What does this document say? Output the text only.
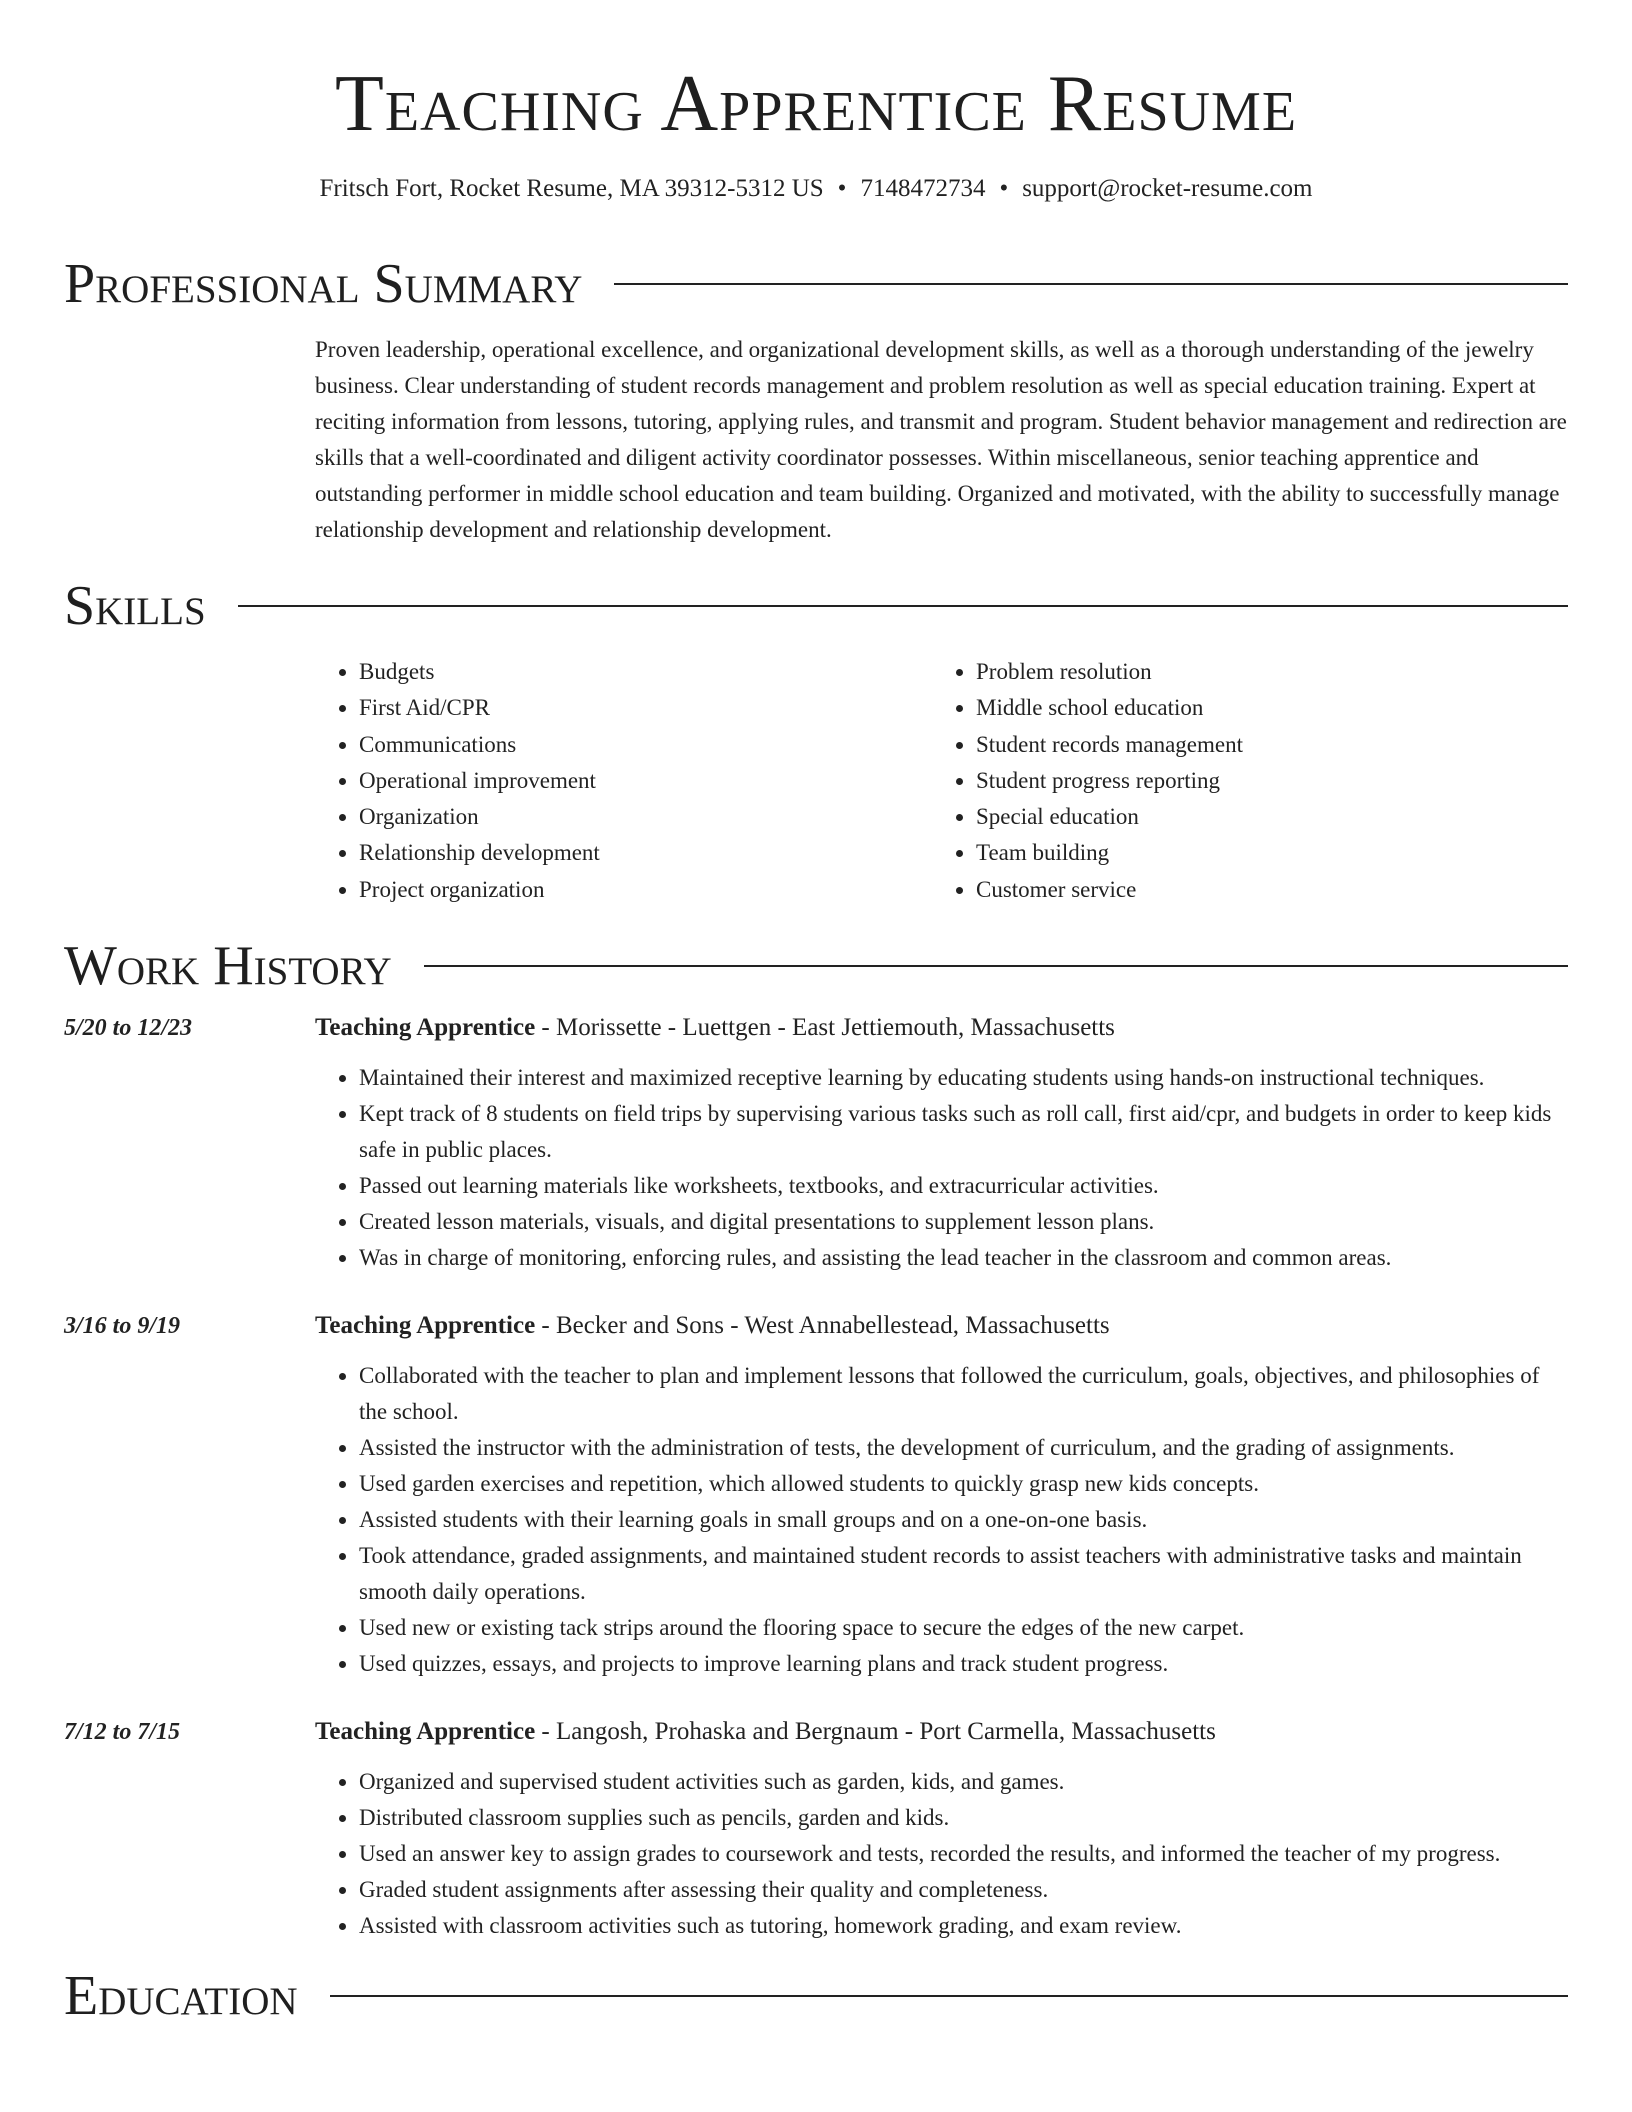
Teaching Apprentice Resume
Fritsch Fort, Rocket Resume, MA 39312-5312 US • 7148472734 • support@rocket-resume.com
Professional Summary
Proven leadership, operational excellence, and organizational development skills, as well as a thorough understanding of the jewelry business. Clear understanding of student records management and problem resolution as well as special education training. Expert at reciting information from lessons, tutoring, applying rules, and transmit and program. Student behavior management and redirection are skills that a well-coordinated and diligent activity coordinator possesses. Within miscellaneous, senior teaching apprentice and outstanding performer in middle school education and team building. Organized and motivated, with the ability to successfully manage relationship development and relationship development.
Skills
• Budgets
• First Aid/CPR
• Communications
• Operational improvement
• Organization
• Relationship development
• Project organization
• Problem resolution
• Middle school education
• Student records management
• Student progress reporting
• Special education
• Team building
• Customer service
Work History
5/20 to 12/23	Teaching Apprentice - Morissette - Luettgen - East Jettiemouth, Massachusetts
• Maintained their interest and maximized receptive learning by educating students using hands-on instructional techniques.
• Kept track of 8 students on field trips by supervising various tasks such as roll call, first aid/cpr, and budgets in order to keep kids safe in public places.
• Passed out learning materials like worksheets, textbooks, and extracurricular activities.
• Created lesson materials, visuals, and digital presentations to supplement lesson plans.
• Was in charge of monitoring, enforcing rules, and assisting the lead teacher in the classroom and common areas.
3/16 to 9/19	Teaching Apprentice - Becker and Sons - West Annabellestead, Massachusetts
• Collaborated with the teacher to plan and implement lessons that followed the curriculum, goals, objectives, and philosophies of the school.
• Assisted the instructor with the administration of tests, the development of curriculum, and the grading of assignments.
• Used garden exercises and repetition, which allowed students to quickly grasp new kids concepts.
• Assisted students with their learning goals in small groups and on a one-on-one basis.
• Took attendance, graded assignments, and maintained student records to assist teachers with administrative tasks and maintain smooth daily operations.
• Used new or existing tack strips around the flooring space to secure the edges of the new carpet.
• Used quizzes, essays, and projects to improve learning plans and track student progress.
7/12 to 7/15	Teaching Apprentice - Langosh, Prohaska and Bergnaum - Port Carmella, Massachusetts
• Organized and supervised student activities such as garden, kids, and games.
• Distributed classroom supplies such as pencils, garden and kids.
• Used an answer key to assign grades to coursework and tests, recorded the results, and informed the teacher of my progress.
• Graded student assignments after assessing their quality and completeness.
• Assisted with classroom activities such as tutoring, homework grading, and exam review.
Education
